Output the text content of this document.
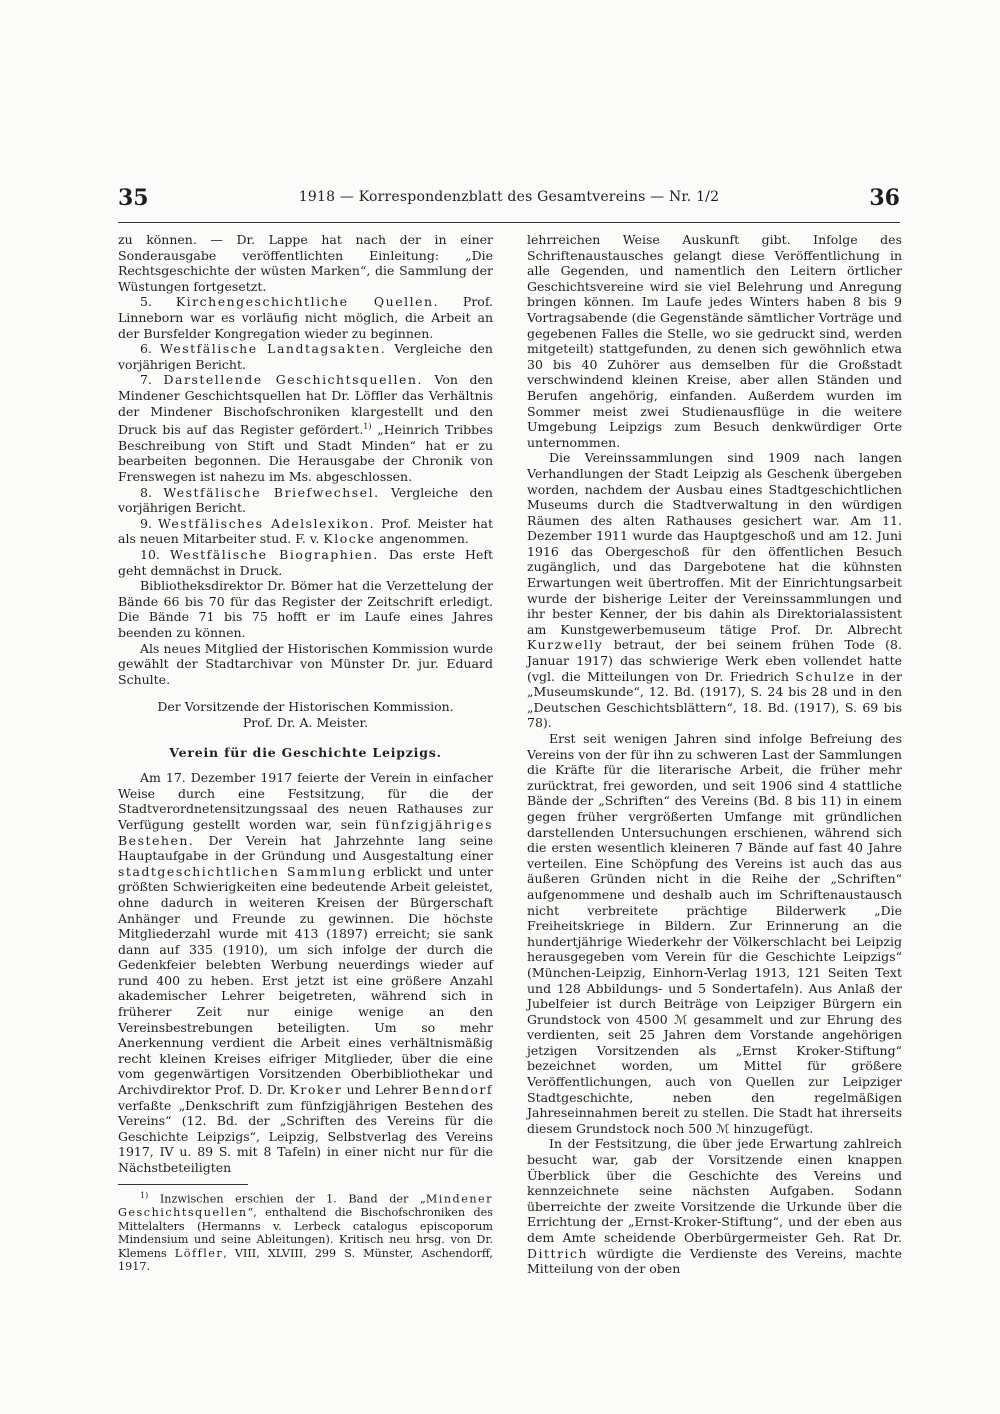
35	1918 — Korrespondenzblatt des Gesamtvereins — Nr. 1/2	36

zu können. — Dr. Lappe hat nach der in einer Sonderausgabe veröffentlichten Einleitung: „Die Rechtsgeschichte der wüsten Marken“, die Sammlung der Wüstungen fortgesetzt.

5. Kirchengeschichtliche Quellen. Prof. Linneborn war es vorläufig nicht möglich, die Arbeit an der Bursfelder Kongregation wieder zu beginnen.

6. Westfälische Landtagsakten. Vergleiche den vorjährigen Bericht.

7. Darstellende Geschichtsquellen. Von den Mindener Geschichtsquellen hat Dr. Löffler das Verhältnis der Mindener Bischofschroniken klargestellt und den Druck bis auf das Register gefördert.$^{1)}$ „Heinrich Tribbes Beschreibung von Stift und Stadt Minden“ hat er zu bearbeiten begonnen. Die Herausgabe der Chronik von Frenswegen ist nahezu im Ms. abgeschlossen.

8. Westfälische Briefwechsel. Vergleiche den vorjährigen Bericht.

9. Westfälisches Adelslexikon. Prof. Meister hat als neuen Mitarbeiter stud. F. v. Klocke angenommen.

10. Westfälische Biographien. Das erste Heft geht demnächst in Druck.

Bibliotheksdirektor Dr. Bömer hat die Verzettelung der Bände 66 bis 70 für das Register der Zeitschrift erledigt. Die Bände 71 bis 75 hofft er im Laufe eines Jahres beenden zu können.

Als neues Mitglied der Historischen Kommission wurde gewählt der Stadtarchivar von Münster Dr. jur. Eduard Schulte.

Der Vorsitzende der Historischen Kommission.

Prof. Dr. A. Meister.

Verein für die Geschichte Leipzigs.

Am 17. Dezember 1917 feierte der Verein in einfacher Weise durch eine Festsitzung, für die der Stadtverordnetensitzungssaal des neuen Rathauses zur Verfügung gestellt worden war, sein fünfzigjähriges Bestehen. Der Verein hat Jahrzehnte lang seine Hauptaufgabe in der Gründung und Ausgestaltung einer stadtgeschichtlichen Sammlung erblickt und unter größten Schwierigkeiten eine bedeutende Arbeit geleistet, ohne dadurch in weiteren Kreisen der Bürgerschaft Anhänger und Freunde zu gewinnen. Die höchste Mitgliederzahl wurde mit 413 (1897) erreicht; sie sank dann auf 335 (1910), um sich infolge der durch die Gedenkfeier belebten Werbung neuerdings wieder auf rund 400 zu heben. Erst jetzt ist eine größere Anzahl akademischer Lehrer beigetreten, während sich in früherer Zeit nur einige wenige an den Vereinsbestrebungen beteiligten. Um so mehr Anerkennung verdient die Arbeit eines verhältnismäßig recht kleinen Kreises eifriger Mitglieder, über die eine vom gegenwärtigen Vorsitzenden Oberbibliothekar und Archivdirektor Prof. D. Dr. Kroker und Lehrer Benndorf verfaßte „Denkschrift zum fünfzigjährigen Bestehen des Vereins“ (12. Bd. der „Schriften des Vereins für die Geschichte Leipzigs“, Leipzig, Selbstverlag des Vereins 1917, IV u. 89 S. mit 8 Tafeln) in einer nicht nur für die Nächstbeteiligten

$^{1)}$ Inzwischen erschien der 1. Band der „Mindener Geschichtsquellen“, enthaltend die Bischofschroniken des Mittelalters (Hermanns v. Lerbeck catalogus episcoporum Mindensium und seine Ableitungen). Kritisch neu hrsg. von Dr. Klemens Löffler, VIII, XLVIII, 299 S. Münster, Aschendorff, 1917.

lehrreichen Weise Auskunft gibt. Infolge des Schriftenaustausches gelangt diese Veröffentlichung in alle Gegenden, und namentlich den Leitern örtlicher Geschichtsvereine wird sie viel Belehrung und Anregung bringen können. Im Laufe jedes Winters haben 8 bis 9 Vortragsabende (die Gegenstände sämtlicher Vorträge und gegebenen Falles die Stelle, wo sie gedruckt sind, werden mitgeteilt) stattgefunden, zu denen sich gewöhnlich etwa 30 bis 40 Zuhörer aus demselben für die Großstadt verschwindend kleinen Kreise, aber allen Ständen und Berufen angehörig, einfanden. Außerdem wurden im Sommer meist zwei Studienausflüge in die weitere Umgebung Leipzigs zum Besuch denkwürdiger Orte unternommen.

Die Vereinssammlungen sind 1909 nach langen Verhandlungen der Stadt Leipzig als Geschenk übergeben worden, nachdem der Ausbau eines Stadtgeschichtlichen Museums durch die Stadtverwaltung in den würdigen Räumen des alten Rathauses gesichert war. Am 11. Dezember 1911 wurde das Hauptgeschoß und am 12. Juni 1916 das Obergeschoß für den öffentlichen Besuch zugänglich, und das Dargebotene hat die kühnsten Erwartungen weit übertroffen. Mit der Einrichtungsarbeit wurde der bisherige Leiter der Vereinssammlungen und ihr bester Kenner, der bis dahin als Direktorialassistent am Kunstgewerbemuseum tätige Prof. Dr. Albrecht Kurzwelly betraut, der bei seinem frühen Tode (8. Januar 1917) das schwierige Werk eben vollendet hatte (vgl. die Mitteilungen von Dr. Friedrich Schulze in der „Museumskunde“, 12. Bd. (1917), S. 24 bis 28 und in den „Deutschen Geschichtsblättern“, 18. Bd. (1917), S. 69 bis 78).

Erst seit wenigen Jahren sind infolge Befreiung des Vereins von der für ihn zu schweren Last der Sammlungen die Kräfte für die literarische Arbeit, die früher mehr zurücktrat, frei geworden, und seit 1906 sind 4 stattliche Bände der „Schriften“ des Vereins (Bd. 8 bis 11) in einem gegen früher vergrößerten Umfange mit gründlichen darstellenden Untersuchungen erschienen, während sich die ersten wesentlich kleineren 7 Bände auf fast 40 Jahre verteilen. Eine Schöpfung des Vereins ist auch das aus äußeren Gründen nicht in die Reihe der „Schriften“ aufgenommene und deshalb auch im Schriftenaustausch nicht verbreitete prächtige Bilderwerk „Die Freiheitskriege in Bildern. Zur Erinnerung an die hundertjährige Wiederkehr der Völkerschlacht bei Leipzig herausgegeben vom Verein für die Geschichte Leipzigs“ (München-Leipzig, Einhorn-Verlag 1913, 121 Seiten Text und 128 Abbildungs- und 5 Sondertafeln). Aus Anlaß der Jubelfeier ist durch Beiträge von Leipziger Bürgern ein Grundstock von 4500 ℳ gesammelt und zur Ehrung des verdienten, seit 25 Jahren dem Vorstande angehörigen jetzigen Vorsitzenden als „Ernst Kroker-Stiftung“ bezeichnet worden, um Mittel für größere Veröffentlichungen, auch von Quellen zur Leipziger Stadtgeschichte, neben den regelmäßigen Jahreseinnahmen bereit zu stellen. Die Stadt hat ihrerseits diesem Grundstock noch 500 ℳ hinzugefügt.

In der Festsitzung, die über jede Erwartung zahlreich besucht war, gab der Vorsitzende einen knappen Überblick über die Geschichte des Vereins und kennzeichnete seine nächsten Aufgaben. Sodann überreichte der zweite Vorsitzende die Urkunde über die Errichtung der „Ernst-Kroker-Stiftung“, und der eben aus dem Amte scheidende Oberbürgermeister Geh. Rat Dr. Dittrich würdigte die Verdienste des Vereins, machte Mitteilung von der oben
